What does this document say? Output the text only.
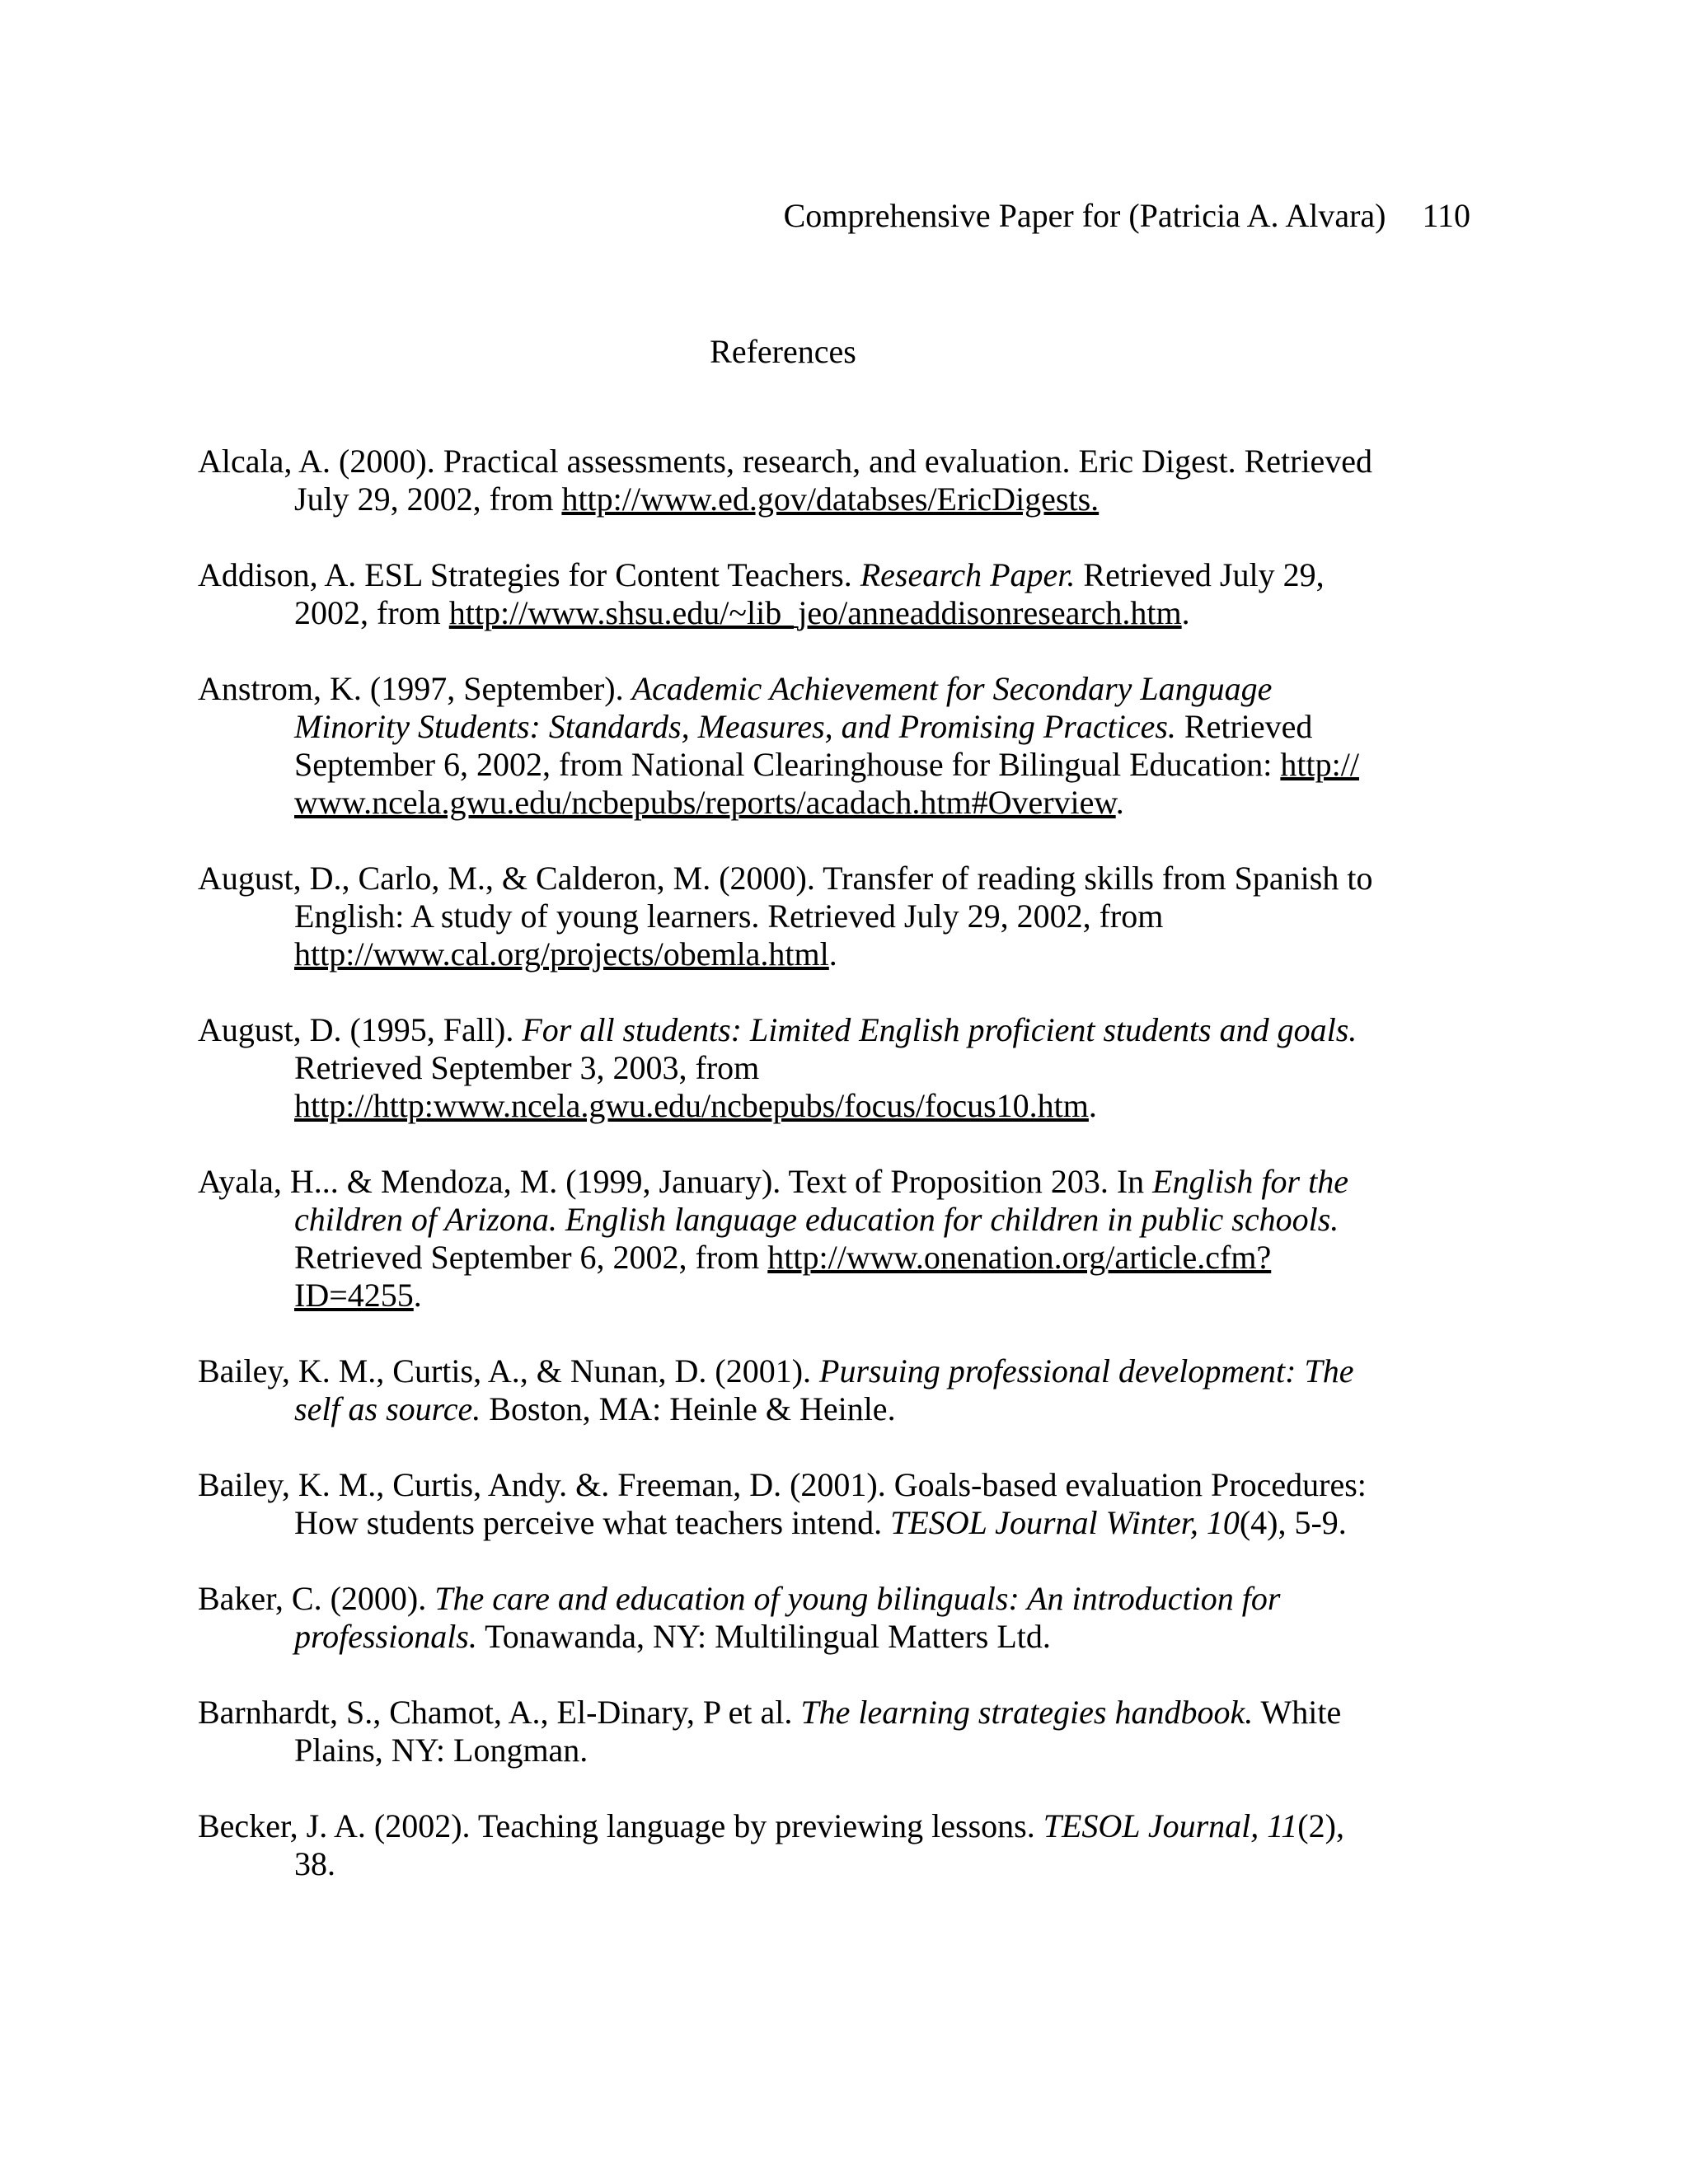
Comprehensive Paper for (Patricia A. Alvara) 110
References

Alcala, A. (2000). Practical assessments, research, and evaluation. Eric Digest. Retrieved July 29, 2002, from http://www.ed.gov/databses/EricDigests.

Addison, A. ESL Strategies for Content Teachers. Research Paper. Retrieved July 29, 2002, from http://www.shsu.edu/~lib_jeo/anneaddisonresearch.htm.

Anstrom, K. (1997, September). Academic Achievement for Secondary Language Minority Students: Standards, Measures, and Promising Practices. Retrieved September 6, 2002, from National Clearinghouse for Bilingual Education: http:// www.ncela.gwu.edu/ncbepubs/reports/acadach.htm#Overview.

August, D., Carlo, M., & Calderon, M. (2000). Transfer of reading skills from Spanish to English: A study of young learners. Retrieved July 29, 2002, from http://www.cal.org/projects/obemla.html.

August, D. (1995, Fall). For all students: Limited English proficient students and goals. Retrieved September 3, 2003, from http://http:www.ncela.gwu.edu/ncbepubs/focus/focus10.htm.

Ayala, H... & Mendoza, M. (1999, January). Text of Proposition 203. In English for the children of Arizona. English language education for children in public schools. Retrieved September 6, 2002, from http://www.onenation.org/article.cfm? ID=4255.

Bailey, K. M., Curtis, A., & Nunan, D. (2001). Pursuing professional development: The self as source. Boston, MA: Heinle & Heinle.

Bailey, K. M., Curtis, Andy. &. Freeman, D. (2001). Goals-based evaluation Procedures: How students perceive what teachers intend. TESOL Journal Winter, 10(4), 5-9.

Baker, C. (2000). The care and education of young bilinguals: An introduction for professionals. Tonawanda, NY: Multilingual Matters Ltd.

Barnhardt, S., Chamot, A., El-Dinary, P et al. The learning strategies handbook. White Plains, NY: Longman.

Becker, J. A. (2002). Teaching language by previewing lessons. TESOL Journal, 11(2), 38.
